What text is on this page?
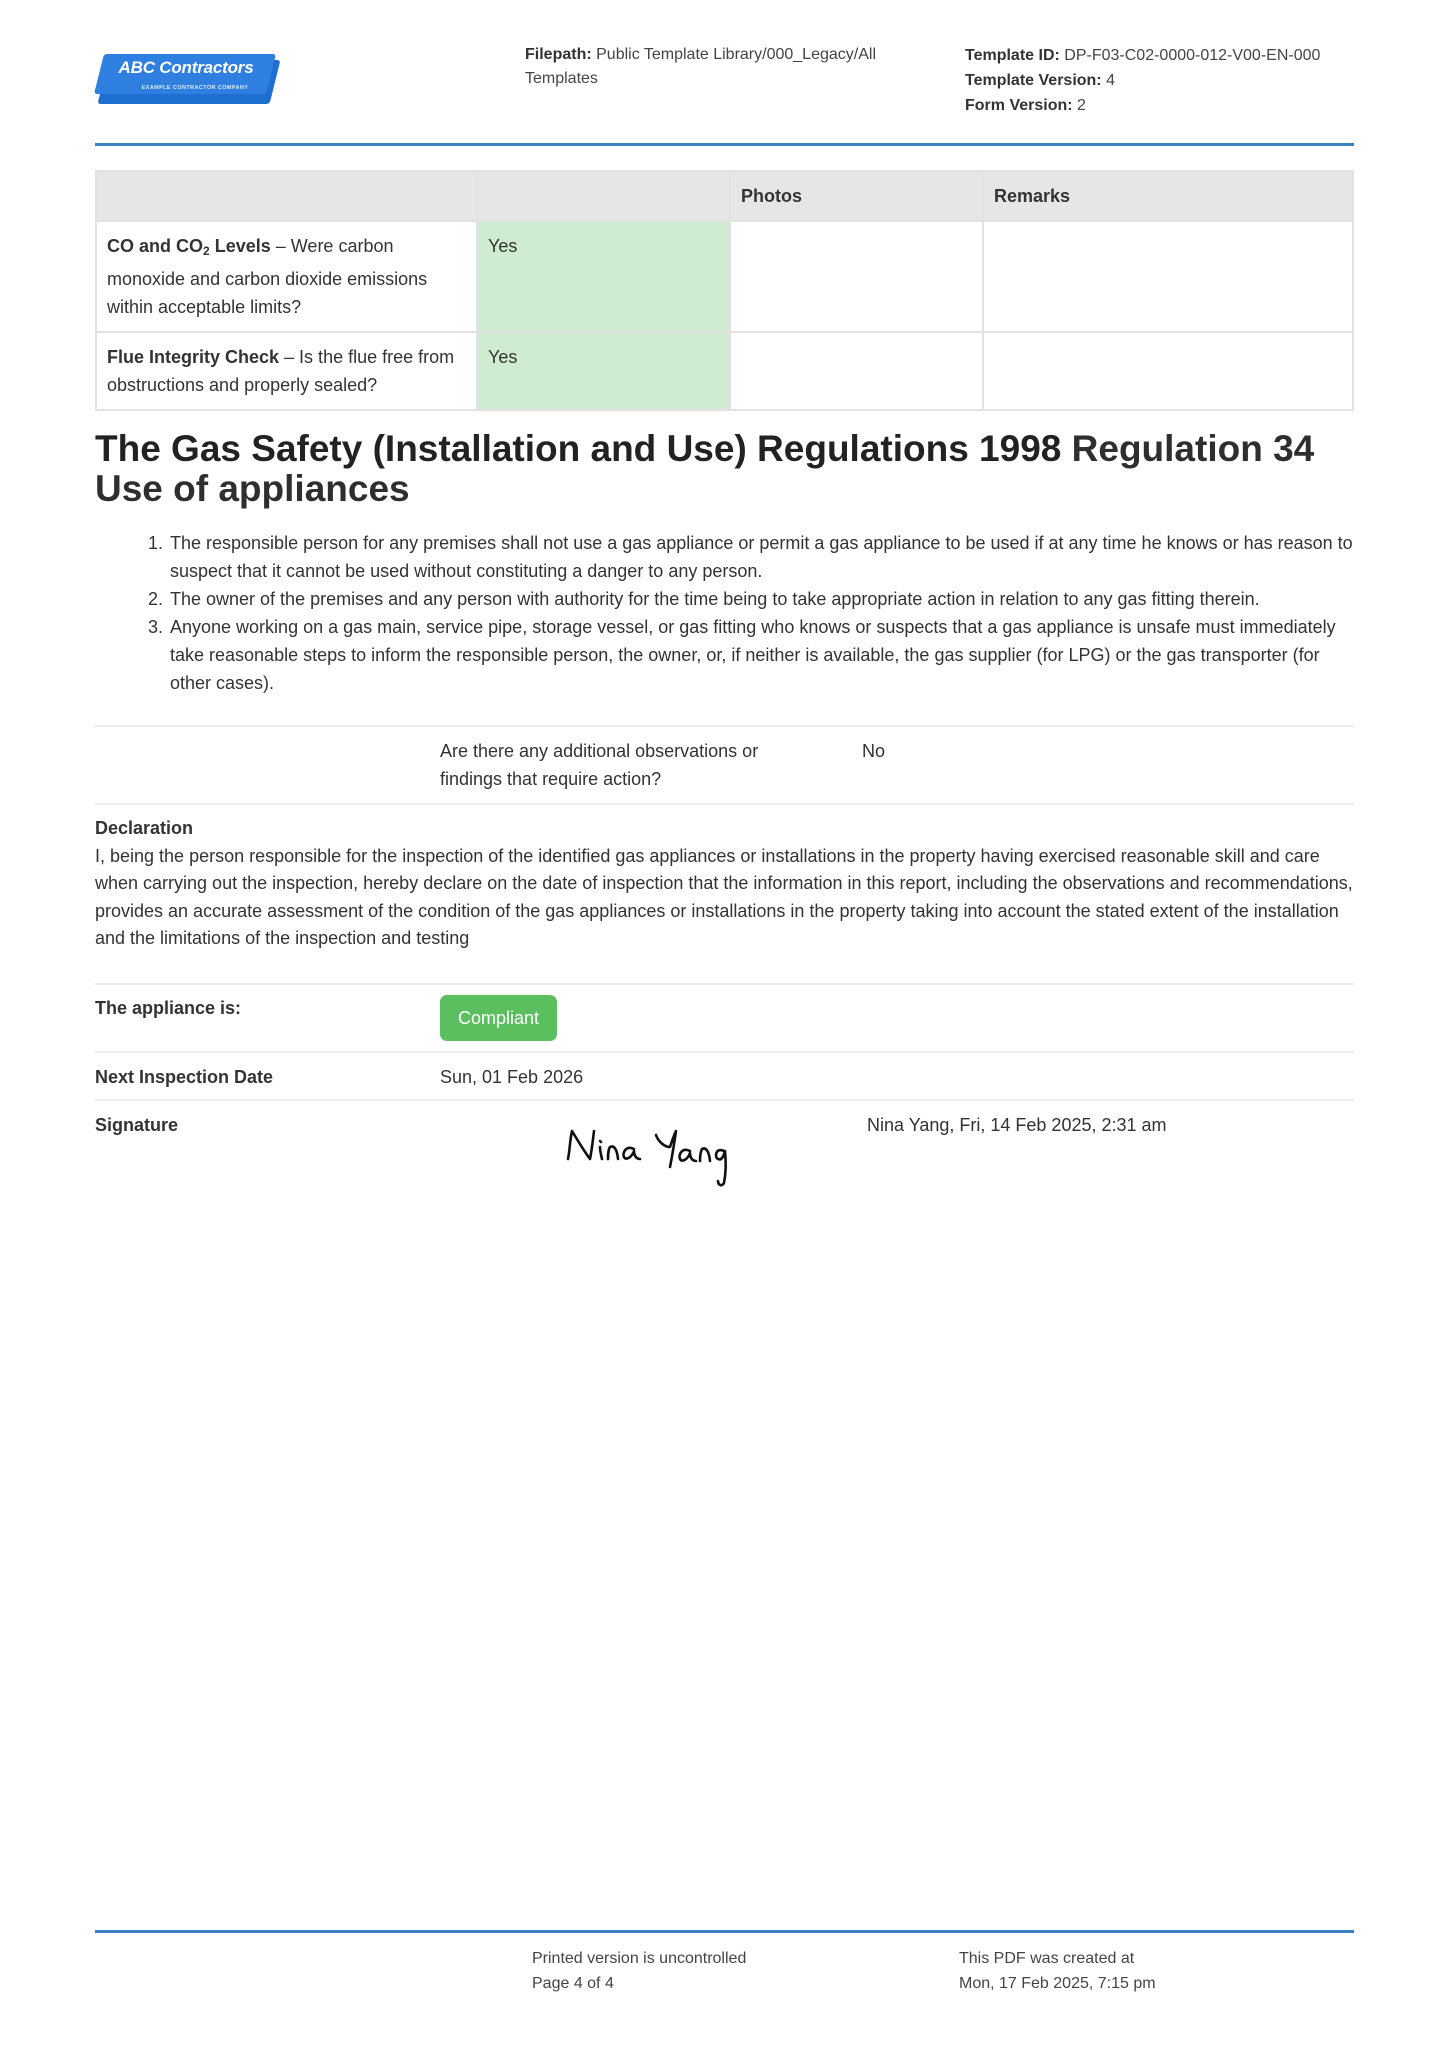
ABC Contractors
EXAMPLE CONTRACTOR COMPANY
Filepath: Public Template Library/000_Legacy/All Templates
Template ID: DP-F03-C02-0000-012-V00-EN-000
Template Version: 4
Form Version: 2
		Photos	Remarks
CO and $CO_2$ Levels – Were carbon monoxide and carbon dioxide emissions within acceptable limits?	Yes		
Flue Integrity Check – Is the flue free from obstructions and properly sealed?	Yes		
The Gas Safety (Installation and Use) Regulations 1998 Regulation 34 Use of appliances
1. The responsible person for any premises shall not use a gas appliance or permit a gas appliance to be used if at any time he knows or has reason to suspect that it cannot be used without constituting a danger to any person.
2. The owner of the premises and any person with authority for the time being to take appropriate action in relation to any gas fitting therein.
3. Anyone working on a gas main, service pipe, storage vessel, or gas fitting who knows or suspects that a gas appliance is unsafe must immediately take reasonable steps to inform the responsible person, the owner, or, if neither is available, the gas supplier (for LPG) or the gas transporter (for other cases).
Are there any additional observations or findings that require action?
No
Declaration
I, being the person responsible for the inspection of the identified gas appliances or installations in the property having exercised reasonable skill and care when carrying out the inspection, hereby declare on the date of inspection that the information in this report, including the observations and recommendations, provides an accurate assessment of the condition of the gas appliances or installations in the property taking into account the stated extent of the installation and the limitations of the inspection and testing
The appliance is:	Compliant
Next Inspection Date	Sun, 01 Feb 2026
Signature	Nina Yang, Fri, 14 Feb 2025, 2:31 am
Printed version is uncontrolled
Page 4 of 4
This PDF was created at
Mon, 17 Feb 2025, 7:15 pm
